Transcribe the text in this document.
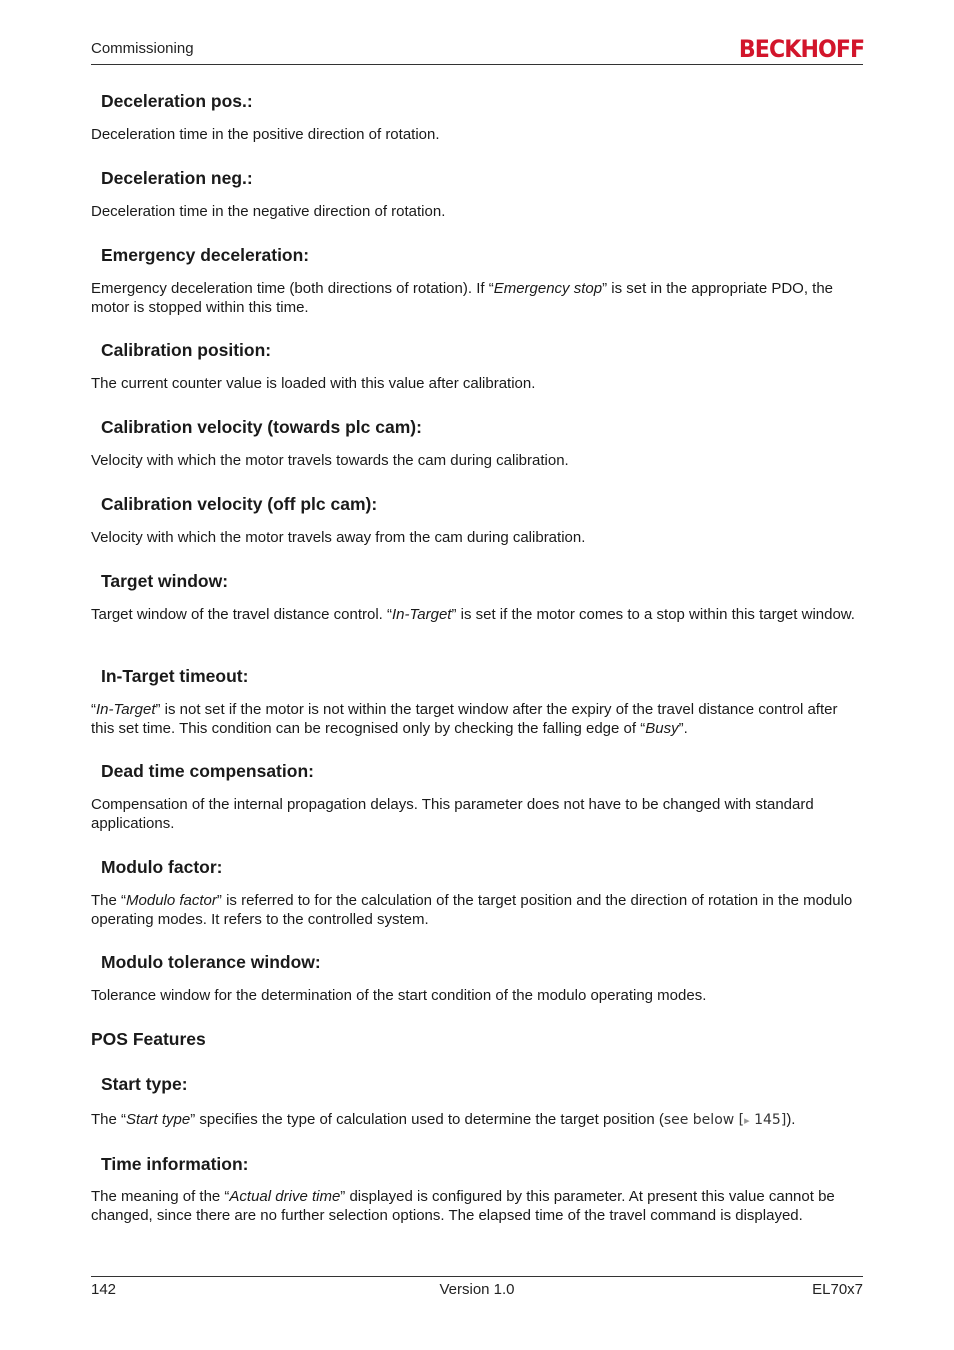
Commissioning	BECKHOFF
Deceleration pos.:
Deceleration time in the positive direction of rotation.
Deceleration neg.:
Deceleration time in the negative direction of rotation.
Emergency deceleration:
Emergency deceleration time (both directions of rotation). If “Emergency stop” is set in the appropriate PDO, the motor is stopped within this time.
Calibration position:
The current counter value is loaded with this value after calibration.
Calibration velocity (towards plc cam):
Velocity with which the motor travels towards the cam during calibration.
Calibration velocity (off plc cam):
Velocity with which the motor travels away from the cam during calibration.
Target window:
Target window of the travel distance control. “In-Target” is set if the motor comes to a stop within this target window.
In-Target timeout:
“In-Target” is not set if the motor is not within the target window after the expiry of the travel distance control after this set time. This condition can be recognised only by checking the falling edge of “Busy”.
Dead time compensation:
Compensation of the internal propagation delays. This parameter does not have to be changed with standard applications.
Modulo factor:
The “Modulo factor” is referred to for the calculation of the target position and the direction of rotation in the modulo operating modes. It refers to the controlled system.
Modulo tolerance window:
Tolerance window for the determination of the start condition of the modulo operating modes.
POS Features
Start type:
The “Start type” specifies the type of calculation used to determine the target position (see below [▸ 145]).
Time information:
The meaning of the “Actual drive time” displayed is configured by this parameter. At present this value cannot be changed, since there are no further selection options. The elapsed time of the travel command is displayed.
142	Version 1.0	EL70x7
